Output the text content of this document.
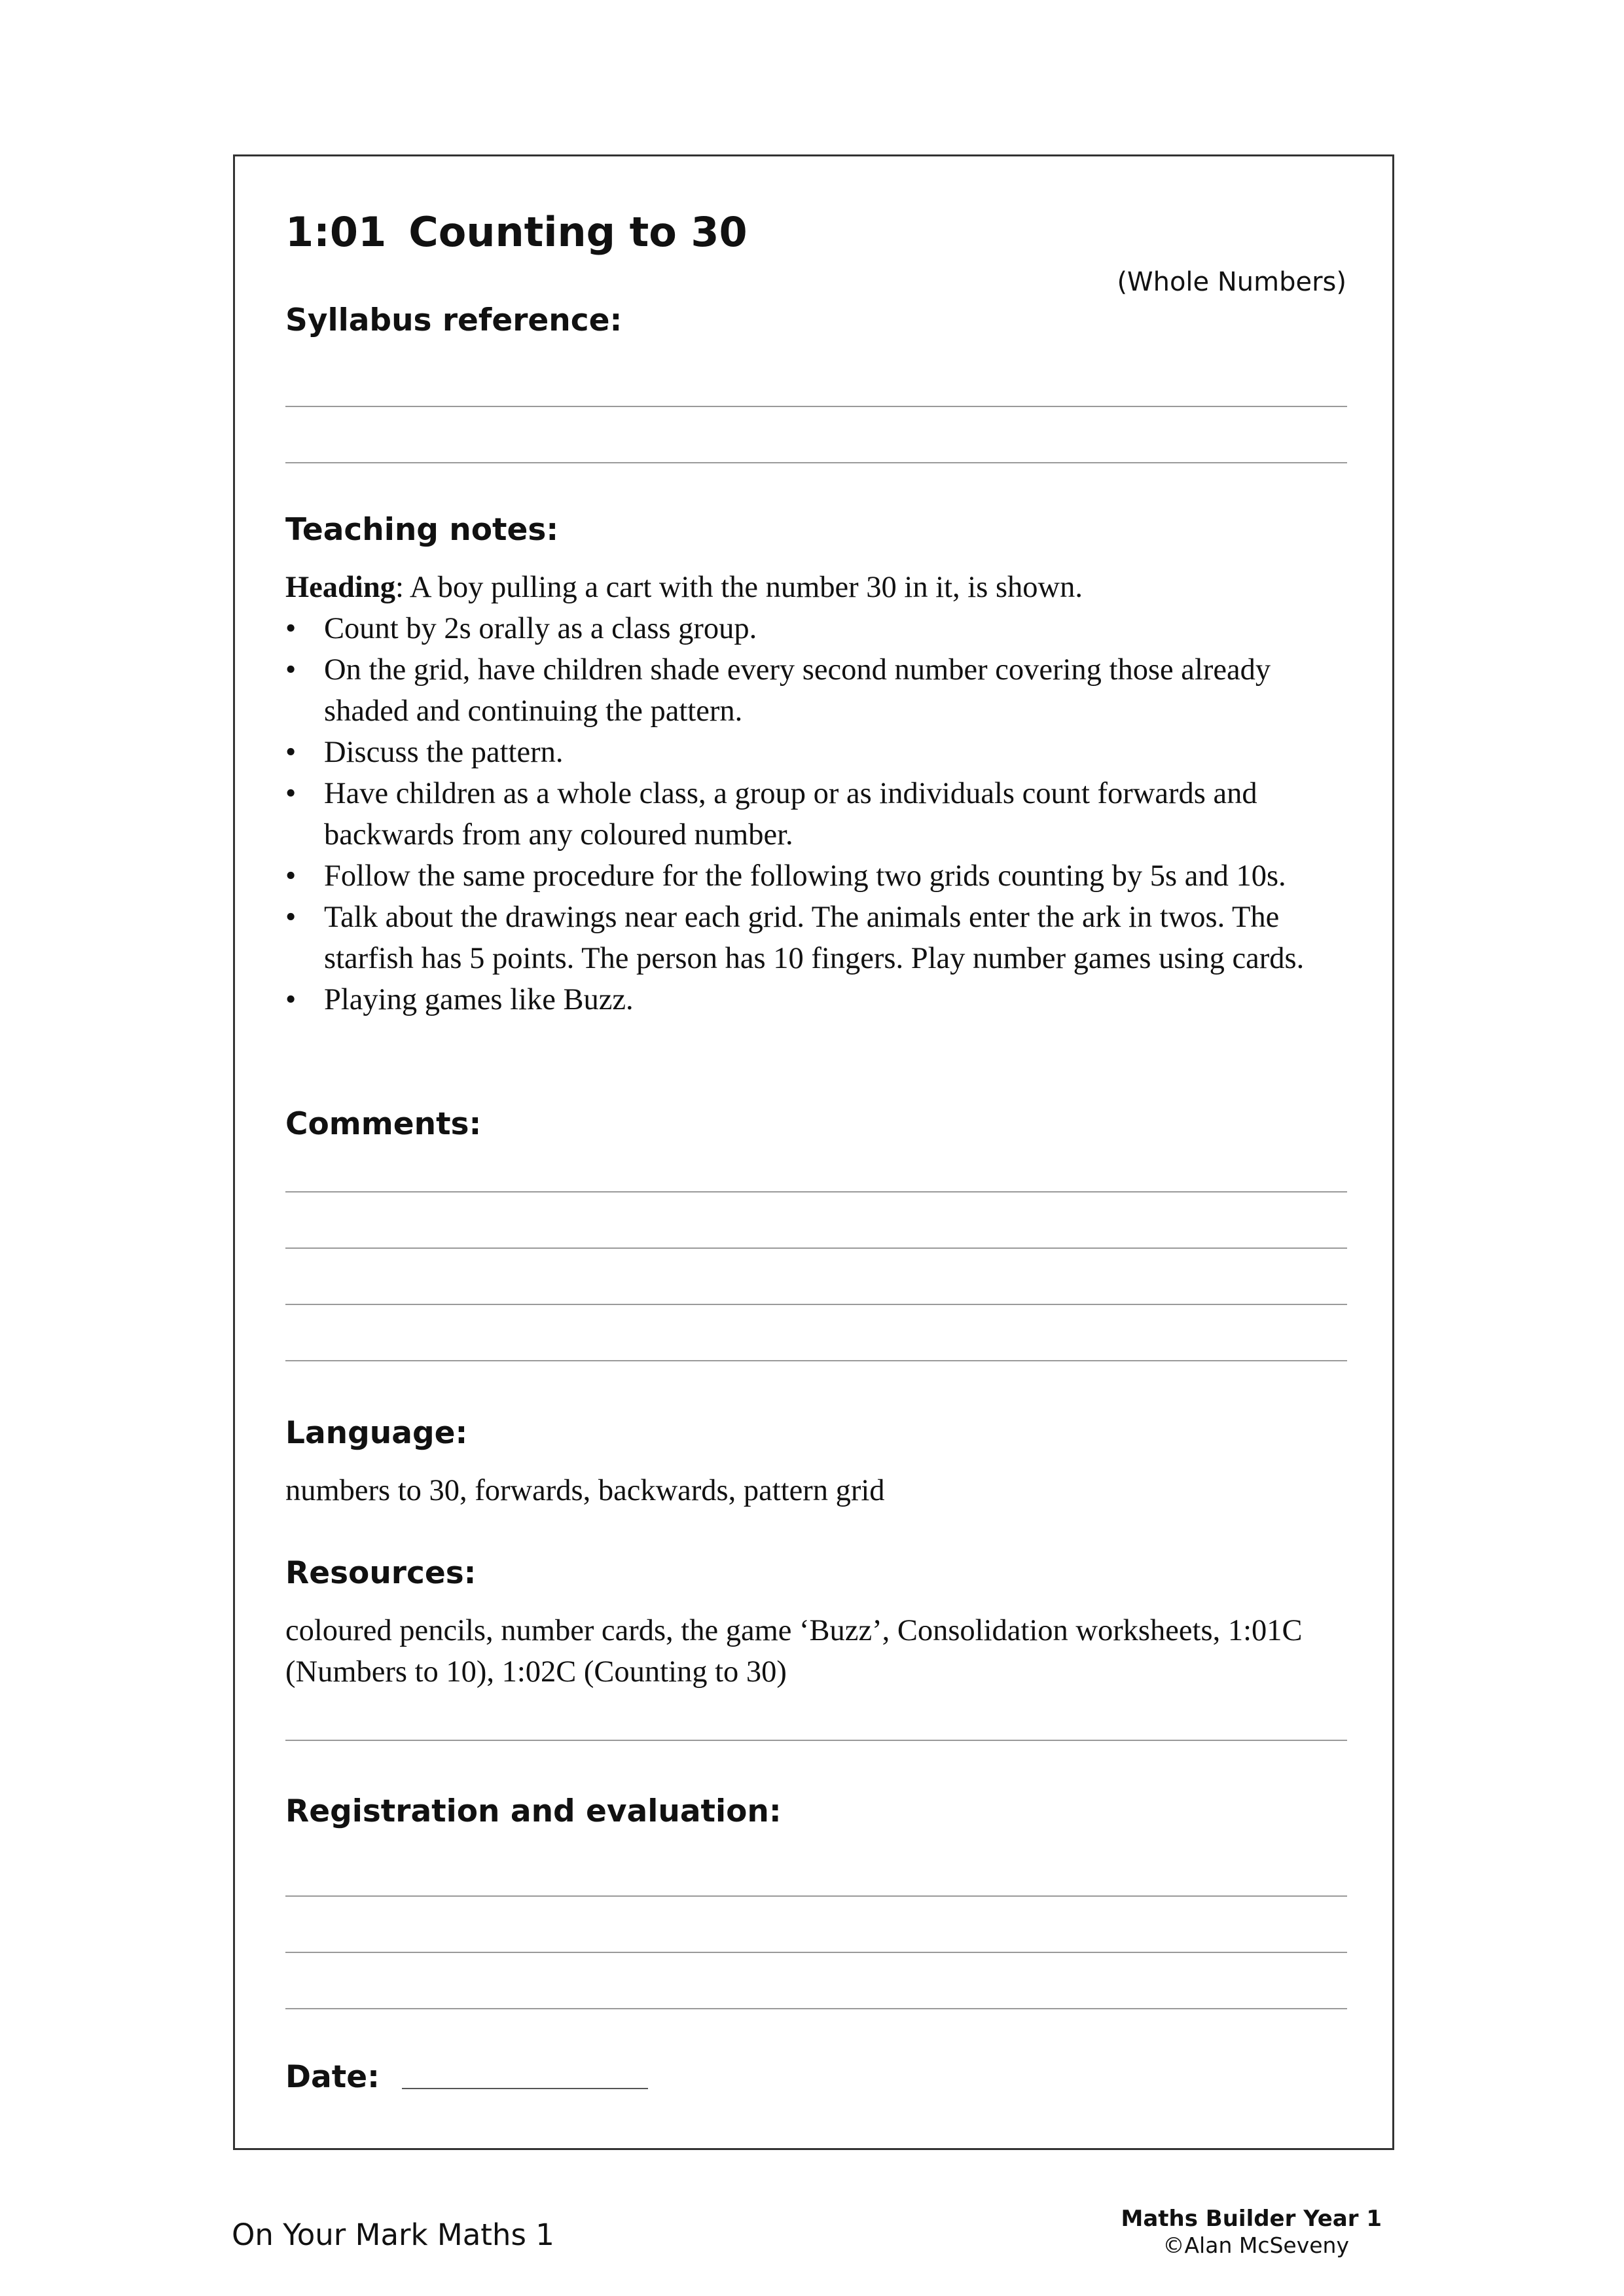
1:01 Counting to 30
(Whole Numbers)
Syllabus reference:
Teaching notes:
Heading: A boy pulling a cart with the number 30 in it, is shown.
• Count by 2s orally as a class group.
• On the grid, have children shade every second number covering those already shaded and continuing the pattern.
• Discuss the pattern.
• Have children as a whole class, a group or as individuals count forwards and backwards from any coloured number.
• Follow the same procedure for the following two grids counting by 5s and 10s.
• Talk about the drawings near each grid. The animals enter the ark in twos. The starfish has 5 points. The person has 10 fingers. Play number games using cards.
• Playing games like Buzz.
Comments:
Language:
numbers to 30, forwards, backwards, pattern grid
Resources:
coloured pencils, number cards, the game ‘Buzz’, Consolidation worksheets, 1:01C (Numbers to 10), 1:02C (Counting to 30)
Registration and evaluation:
Date:
On Your Mark Maths 1	Maths Builder Year 1
©Alan McSeveny
